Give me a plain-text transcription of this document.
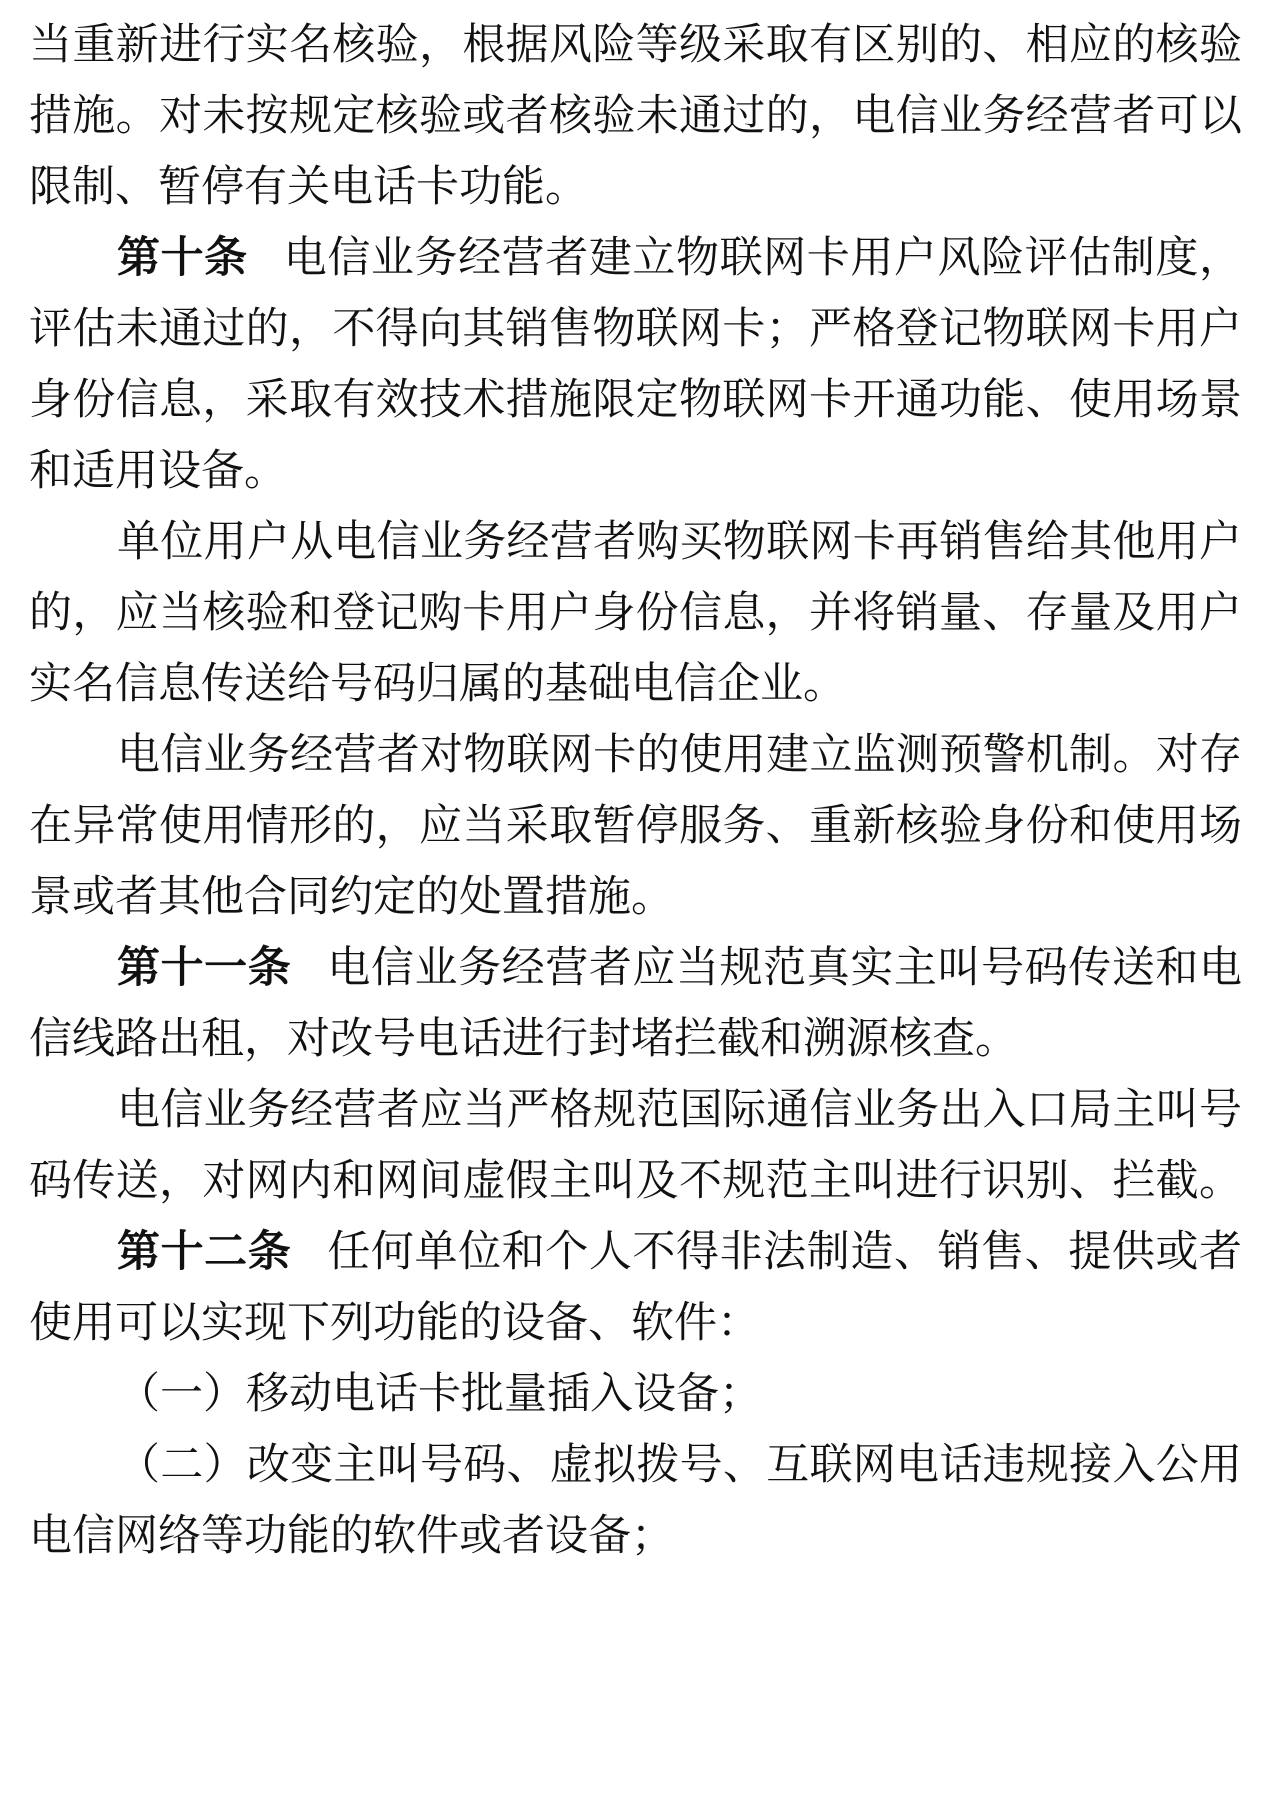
当重新进行实名核验，根据风险等级采取有区别的、相应的核验
措施。对未按规定核验或者核验未通过的，电信业务经营者可以
限制、暂停有关电话卡功能。
第十条 电信业务经营者建立物联网卡用户风险评估制度，
评估未通过的，不得向其销售物联网卡；严格登记物联网卡用户
身份信息，采取有效技术措施限定物联网卡开通功能、使用场景
和适用设备。
单位用户从电信业务经营者购买物联网卡再销售给其他用户
的，应当核验和登记购卡用户身份信息，并将销量、存量及用户
实名信息传送给号码归属的基础电信企业。
电信业务经营者对物联网卡的使用建立监测预警机制。对存
在异常使用情形的，应当采取暂停服务、重新核验身份和使用场
景或者其他合同约定的处置措施。
第十一条 电信业务经营者应当规范真实主叫号码传送和电
信线路出租，对改号电话进行封堵拦截和溯源核查。
电信业务经营者应当严格规范国际通信业务出入口局主叫号
码传送，对网内和网间虚假主叫及不规范主叫进行识别、拦截。
第十二条 任何单位和个人不得非法制造、销售、提供或者
使用可以实现下列功能的设备、软件：
（一）移动电话卡批量插入设备；
（二）改变主叫号码、虚拟拨号、互联网电话违规接入公用
电信网络等功能的软件或者设备；
